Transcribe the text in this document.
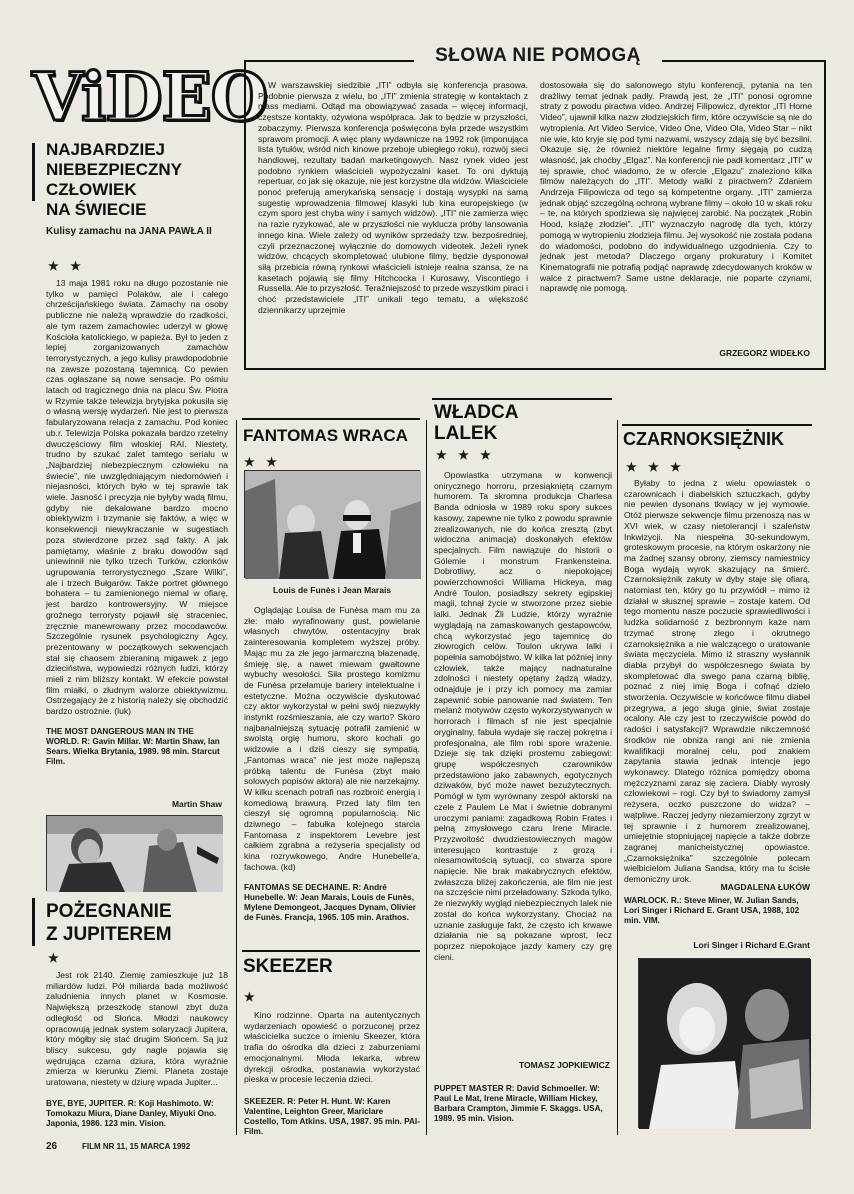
ViDEO
SŁOWA NIE POMOGĄ
W warszawskiej siedzibie „ITI” odbyła się konferencja prasowa. Podobnie pierwsza z wielu, bo „ITI” zmienia strategię w kontaktach z mass mediami. Odtąd ma obowiązywać zasada – więcej informacji, częstsze kontakty, ożywiona współpraca. Jak to będzie w przyszłości, zobaczymy. Pierwsza konferencja poświęcona była przede wszystkim sprawom promocji. A więc plany wydawnicze na 1992 rok (imponująca lista tytułów, wśród nich kinowe przeboje ubiegłego roku), rozwój sieci handlowej, rezultaty badań marketingowych. Nasz rynek video jest podobno rynkiem właścicieli wypożyczalni kaset. To oni dyktują repertuar, co jak się okazuje, nie jest korzystne dla widzów. Właściciele ponoć preferują amerykańską sensację i dostają wysypki na samą sugestię wprowadzenia filmowej klasyki lub kina europejskiego (w czym sporo jest chyba winy i samych widzów). „ITI” nie zamierza więc na razie ryzykować, ale w przyszłości nie wyklucza próby lansowania innego kina. Wiele zależy od wyników sprzedaży tzw. bezpośredniej, czyli przeznaczonej wyłącznie do domowych videotek. Jeżeli rynek widzów, chcących skompletować ulubione filmy, będzie dysponował siłą przebicia równą rynkowi właścicieli istnieje realna szansa, że na kasetach pojawią się filmy Hitchcocka i Kurosawy, Viscontiego i Russella. Ale to przyszłość. Teraźniejszość to przede wszystkim piraci i choć przedstawiciele „ITI” unikali tego tematu, a większość dziennikarzy uprzejmie
dostosowała się do salonowego stylu konferencji, pytania na ten drażliwy temat jednak padły. Prawdą jest, że „ITI” ponosi ogromne straty z powodu piractwa video. Andrzej Filipowicz, dyrektor „ITI Home Video”, ujawnił kilka nazw złodziejskich firm, które oczywiście są nie do wytropienia. Art Video Service, Video One, Video Ola, Video Star – nikt nie wie, kto kryje się pod tymi nazwami, wszyscy zdają się być bezsilni. Okazuje się, że również niektóre legalne firmy sięgają po cudzą własność, jak choćby „Elgaz”. Na konferencji nie padł komentarz „ITI” w tej sprawie, choć wiadomo, że w ofercie „Elgazu” znaleziono kilka filmów należących do „ITI”. Metody walki z piractwem? Zdaniem Andrzeja Filipowicza od tego są kompetentne organy. „ITI” zamierza jednak objąć szczególną ochroną wybrane filmy – około 10 w skali roku – te, na których spodziewa się najwięcej zarobić. Na początek „Robin Hood, książę złodziei”. „ITI” wyznaczyło nagrodę dla tych, którzy pomogą w wytropieniu złodzieja filmu. Jej wysokość nie została podana do wiadomości, podobno do indywidualnego uzgodnienia. Czy to jednak jest metoda? Dlaczego organy prokuratury i Komitet Kinematografii nie potrafią podjąć naprawdę zdecydowanych kroków w walce z piractwem? Same ustne deklaracje, nie poparte czynami, naprawdę nie pomogą.
GRZEGORZ WIDEŁKO
NAJBARDZIEJ
NIEBEZPIECZNY
CZŁOWIEK
NA ŚWIECIE
Kulisy zamachu na JANA PAWŁA II
★ ★
13 maja 1981 roku na długo pozostanie nie tylko w pamięci Polaków, ale i całego chrześcijańskiego świata. Zamachy na osoby publiczne nie należą wprawdzie do rzadkości, ale tym razem zamachowiec uderzył w głowę Kościoła katolickiego, w papieża. Był to jeden z lepiej zorganizowanych zamachów terrorystycznych, a jego kulisy prawdopodobnie na zawsze pozostaną tajemnicą. Co pewien czas ogłaszane są nowe sensacje. Po ośmiu latach od tragicznego dnia na placu Św. Piotra w Rzymie także telewizja brytyjska pokusiła się o własną wersję wydarzeń. Nie jest to pierwsza fabularyzowana relacja z zamachu. Pod koniec ub.r. Telewizja Polska pokazała bardzo rzetelny dwuczęściowy film włoskiej RAI. Niestety, trudno by szukać zalet tamtego serialu w „Najbardziej niebezpiecznym człowieku na świecie”, nie uwzględniającym niedomówień i niejasności, których było w tej sprawie tak wiele. Jasność i precyzja nie byłyby wadą filmu, gdyby nie dekalowane bardzo mocno obiektywizm i trzymanie się faktów, a więc w konsekwencji niewykraczanie w sugestiach poza stwierdzone przez sąd fakty. A jak pamiętamy, właśnie z braku dowodów sąd uniewinnił nie tylko trzech Turków, członków ugrupowania terrorystycznego „Szare Wilki”, ale i trzech Bułgarów. Także portret głównego bohatera – tu zamienionego niemal w ofiarę, jest bardzo kontrowersyjny. W miejsce groźnego terrorysty pojawił się straceniec, zręcznie manewrowany przez mocodawców. Szczególnie rysunek psychologiczny Agcy, prezentowany w początkowych sekwencjach stał się chaosem zbieraniną migawek z jego dzieciństwa, wypowiedzi różnych ludzi, którzy mieli z nim bliższy kontakt. W efekcie powstał film miałki, o złudnym walorze obiektywizmu. Ostrzegający że z historią należy się obchodzić bardzo ostrożnie. (luk)
THE MOST DANGEROUS MAN IN THE WORLD. R: Gavin Millar. W: Martin Shaw, Ian Sears. Wielka Brytania, 1989. 98 min. Starcut Film.
Martin Shaw
POŻEGNANIE
Z JUPITEREM
★
Jest rok 2140. Ziemię zamieszkuje już 18 miliardów ludzi. Pół miliarda bada możliwość zaludnienia innych planet w Kosmosie. Największą przeszkodę stanowi zbyt duża odległość od Słońca. Młodzi naukowcy opracowują jednak system solaryzacji Jupitera, który mógłby się stać drugim Słońcem. Są już bliscy sukcesu, gdy nagle pojawia się wędrująca czarna dziura, która wyraźnie zmierza w kierunku Ziemi. Planeta zostaje uratowana, niestety w dziurę wpada Jupiter...
BYE, BYE, JUPITER. R: Koji Hashimoto. W: Tomokazu Miura, Diane Danley, Miyuki Ono. Japonia, 1986. 123 min. Vision.
FANTOMAS WRACA
★ ★
Louis de Funès i Jean Marais
Oglądając Louisa de Funèsa mam mu za złe: mało wyrafinowany gust, powielanie własnych chwytów, ostentacyjny brak zainteresowania kompletem wyższej próby. Mając mu za złe jego jarmarczną błazenadę, śmieję się, a nawet miewam gwałtowne wybuchy wesołości. Siła prostego komizmu de Funèsa przełamuje bariery intelektualne i estetyczne. Można oczywiście dyskutować czy aktor wykorzystał w pełni swój niezwykły instynkt rozśmieszania, ale czy warto? Skoro najbanalniejszą sytuację potrafił zamienić w swoistą orgię humoru, skoro kochali go widzowie a i dziś cieszy się sympatią. „Fantomas wraca” nie jest może najlepszą próbką talentu de Funèsa (zbyt mało solowych popisów aktora) ale nie narzekajmy. W kilku scenach potrafi nas rozbroić energią i komediową brawurą. Przed laty film ten cieszył się ogromną popularnością. Nic dziwnego – fabułka kolejnego starcia Fantomasa z inspektorem Levebre jest całkiem zgrabna a reżyseria specjalisty od kina rozrywkowego, Andre Hunebelle'a, fachowa. (kd)
FANTOMAS SE DECHAINE. R: André Hunebelle. W: Jean Marais, Louis de Funès, Mylene Demongeot, Jacques Dynam, Olivier de Funès. Francja, 1965. 105 min. Arathos.
SKEEZER
★
Kino rodzinne. Oparta na autentycznych wydarzeniach opowieść o porzuconej przez właścicielka suczce o imieniu Skeezer, która trafia do ośrodka dla dzieci z zaburzeniami emocjonalnymi. Młoda lekarka, wbrew dyrekcji ośrodka, postanawia wykorzystać pieska w procesie leczenia dzieci.
SKEEZER. R: Peter H. Hunt. W: Karen Valentine, Leighton Greer, Mariclare Costello, Tom Atkins. USA, 1987. 95 min. PAI-Film.
WŁADCA
LALEK
★ ★ ★
Opowiastka utrzymana w konwencji onirycznego horroru, przesiąkniętą czarnym humorem. Ta skromna produkcja Charlesa Banda odniosła w 1989 roku spory sukces kasowy, zapewne nie tylko z powodu sprawnie zrealizowanych, nie do końca zresztą (zbyt widoczna animacja) doskonałych efektów specjalnych. Film nawiązuje do historii o Gólemie i monstrum Frankensteina. Dobrotliwy, acz o niepokojącej powierzchowności Williama Hickeya, mag André Toulon, posiadłszy sekrety egipskiej magii, tchnął życie w stworzone przez siebie lalki. Jednak Źli Ludzie, którzy wyraźnie wyglądają na zamaskowanych gestapowców, chcą wykorzystać jego tajemnicę do złowrogich celów. Toulon ukrywa lalki i popełnia samobójstwo. W kilka lat później inny człowiek, także mający nadnaturalne zdolności i niestety opętany żądzą władzy, odnajduje je i przy ich pomocy ma zamiar zapewnić sobie panowanie nad światem. Ten melanż motywów często wykorzystywanych w horrorach i filmach sf nie jest specjalnie oryginalny, fabuła wydaje się raczej pokrętna i profesjonalna, ale film robi spore wrażenie. Dzieje się tak dzięki prostemu zabiegowi: grupę współczesnych czarowników przedstawiono jako zabawnych, egotycznych dziwaków, być może nawet bezużytecznych. Pomógł w tym wyrównany zespół aktorski na czele z Paulem Le Mat i świetnie dobranymi uroczymi paniami: zagadkową Robin Frates i pełną zmysłowego czaru Irene Miracle. Przyzwoitość dwudziestowiecznych magów interesująco kontrastuje z grozą i niesamowitością sytuacji, co stwarza spore napięcie. Nie brak makabrycznych efektów, zwłaszcza bliżej zakończenia, ale film nie jest na szczęście nimi przeładowany. Szkoda tylko, że niezwykły wygląd niebezpiecznych lalek nie został do końca wykorzystany. Chociaż na uznanie zasługuje fakt, że często ich krwawe działania nie są pokazane wprost, lecz poprzez niepokojące jazdy kamery czy grę cieni.
TOMASZ JOPKIEWICZ
PUPPET MASTER R: David Schmoeller. W: Paul Le Mat, Irene Miracle, William Hickey, Barbara Crampton, Jimmie F. Skaggs. USA, 1989. 95 min. Vision.
CZARNOKSIĘŻNIK
★ ★ ★
Byłaby to jedna z wielu opowiastek o czarownicach i diabelskich sztuczkach, gdyby nie pewien dysonans tkwiący w jej wymowie. Otóż pierwsze sekwencje filmu przenoszą nas w XVI wiek, w czasy nietolerancji i szaleństw Inkwizycji. Na niespełna 30-sekundowym, groteskowym procesie, na którym oskarżony nie ma żadnej szansy obrony, ziemscy namiestnicy Boga wydają wyrok skazujący na śmierć. Czarnoksiężnik zakuty w dyby staje się ofiarą, natomiast ten, który go tu przywiódł – mimo iż działał w słusznej sprawie – zostaje katem. Od tego momentu nasze poczucie sprawiedliwości i ludzka solidarność z bezbronnym każe nam trzymać stronę złego i okrutnego czarnoksiężnika a nie walczącego o uratowanie świata męczyciela. Mimo iż straszny wysłannik diabła przybył do współczesnego świata by skompletować dla swego pana czarną biblię, poznać z niej imię Boga i cofnąć dzieło stworzenia. Oczywiście w końcówce filmu diabeł przegrywa, a jego sługa ginie, świat zostaje ocalony. Ale czy jest to rzeczywiście powód do radości i satysfakcji? Wprawdzie nikczemność środków nie obniża rangi ani nie zmienia kwalifikacji moralnej celu, pod znakiem zapytania stawia jednak intencje jego wykonawcy. Dlatego różnica pomiędzy oboma mężczyznami zaraz się zaciera. Diabły wyrosły człowiekowi – rogi. Czy był to świadomy zamysł reżysera, oczko puszczone do widza? – wątpliwe. Raczej jedyny niezamierzony zgrzyt w tej sprawnie i z humorem zrealizowanej, umiejętnie stopniującej napięcie a także dobrze zagranej manicheistycznej opowiastce. „Czarnoksiężnika” szczególnie polecam wielbicielom Juliana Sandsa, który ma tu ścisłe demoniczny urok.
MAGDALENA ŁUKÓW
WARLOCK. R.: Steve Miner, W. Julian Sands, Lori Singer i Richard E. Grant USA, 1988, 102 min. VIM.
Lori Singer i Richard E.Grant
26	FILM NR 11, 15 MARCA 1992
